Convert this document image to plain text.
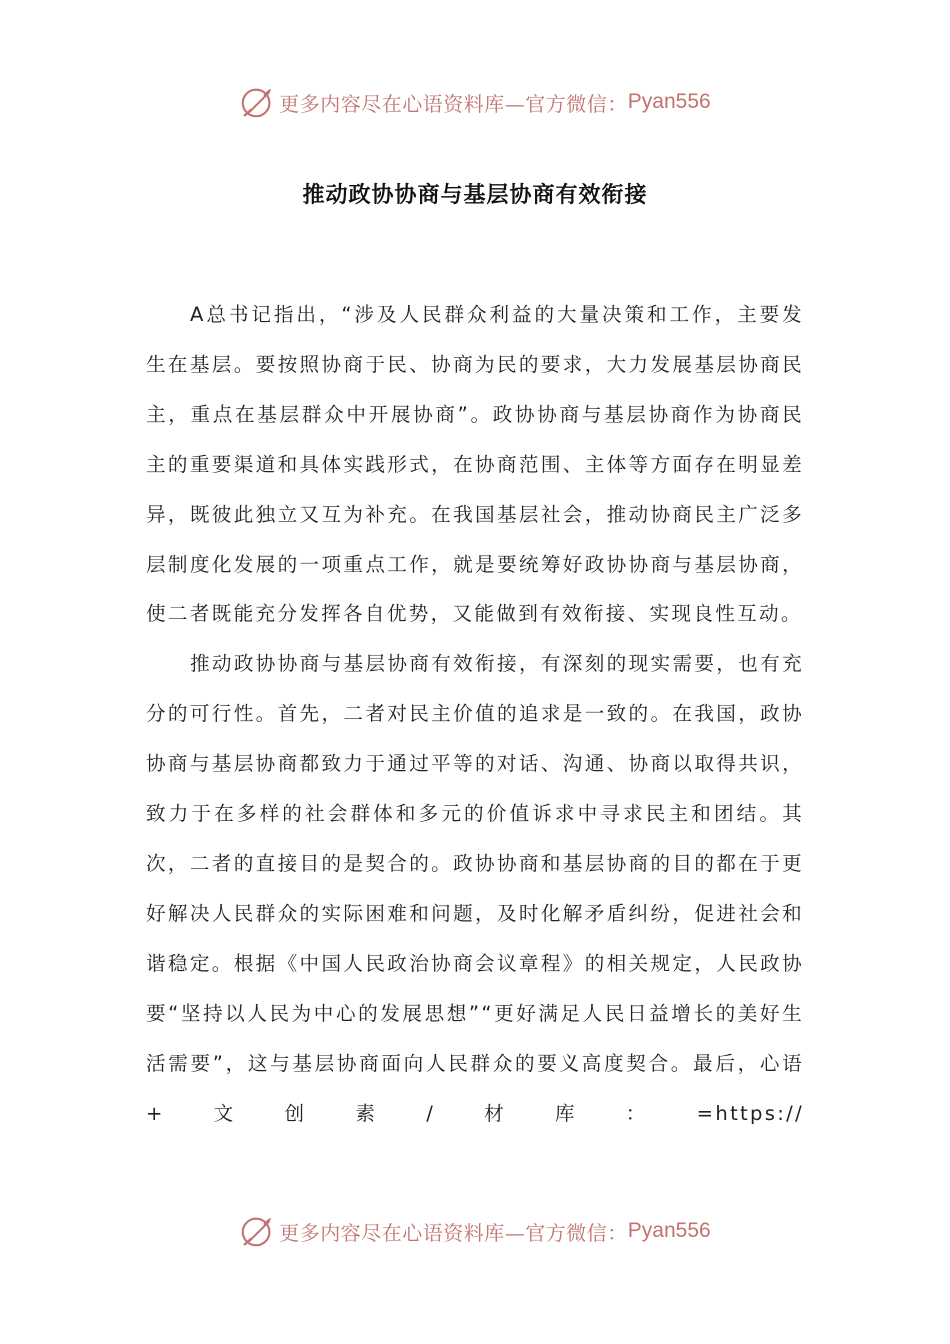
更多内容尽在心语资料库—官方微信： Pyan556
推动政协协商与基层协商有效衔接

A总书记指出，“涉及人民群众利益的大量决策和工作，主要发生在基层。要按照协商于民、协商为民的要求，大力发展基层协商民主，重点在基层群众中开展协商”。政协协商与基层协商作为协商民主的重要渠道和具体实践形式，在协商范围、主体等方面存在明显差异，既彼此独立又互为补充。在我国基层社会，推动协商民主广泛多层制度化发展的一项重点工作，就是要统筹好政协协商与基层协商，使二者既能充分发挥各自优势，又能做到有效衔接、实现良性互动。

推动政协协商与基层协商有效衔接，有深刻的现实需要，也有充分的可行性。首先，二者对民主价值的追求是一致的。在我国，政协协商与基层协商都致力于通过平等的对话、沟通、协商以取得共识，致力于在多样的社会群体和多元的价值诉求中寻求民主和团结。其次，二者的直接目的是契合的。政协协商和基层协商的目的都在于更好解决人民群众的实际困难和问题，及时化解矛盾纠纷，促进社会和谐稳定。根据《中国人民政治协商会议章程》的相关规定，人民政协要“坚持以人民为中心的发展思想”“更好满足人民日益增长的美好生活需要”，这与基层协商面向人民群众的要义高度契合。最后，心语+文创素/材库：=https://

更多内容尽在心语资料库—官方微信： Pyan556
